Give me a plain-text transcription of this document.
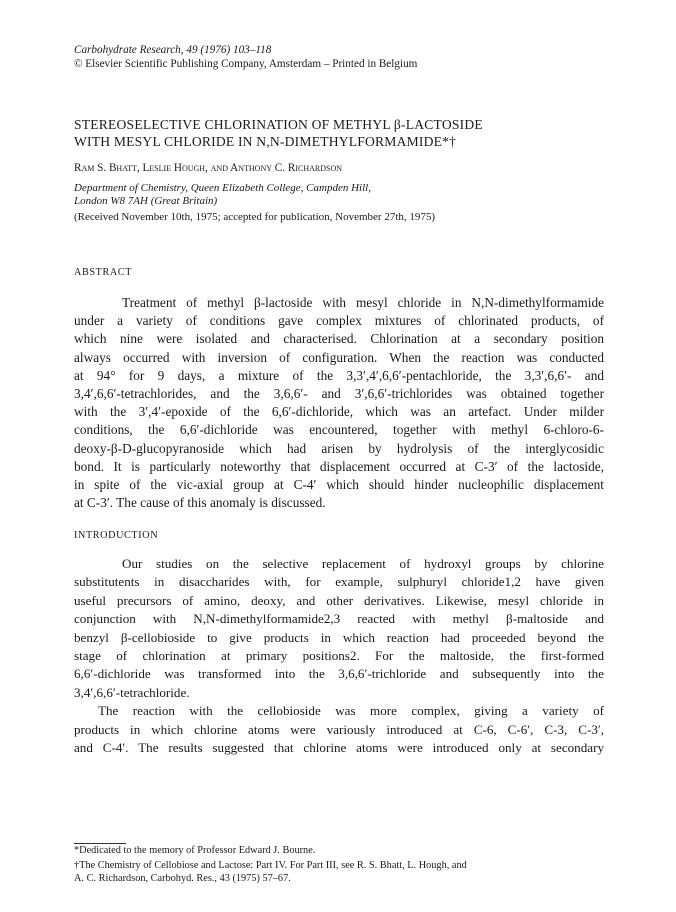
Carbohydrate Research, 49 (1976) 103–118
© Elsevier Scientific Publishing Company, Amsterdam – Printed in Belgium
STEREOSELECTIVE CHLORINATION OF METHYL β-LACTOSIDE
WITH MESYL CHLORIDE IN N,N-DIMETHYLFORMAMIDE*†
Ram S. Bhatt, Leslie Hough, and Anthony C. Richardson
Department of Chemistry, Queen Elizabeth College, Campden Hill,
London W8 7AH (Great Britain)
(Received November 10th, 1975; accepted for publication, November 27th, 1975)
ABSTRACT
Treatment of methyl β-lactoside with mesyl chloride in N,N-dimethylformamide
under a variety of conditions gave complex mixtures of chlorinated products, of
which nine were isolated and characterised. Chlorination at a secondary position
always occurred with inversion of configuration. When the reaction was conducted
at 94° for 9 days, a mixture of the 3,3′,4′,6,6′-pentachloride, the 3,3′,6,6′- and
3,4′,6,6′-tetrachlorides, and the 3,6,6′- and 3′,6,6′-trichlorides was obtained together
with the 3′,4′-epoxide of the 6,6′-dichloride, which was an artefact. Under milder
conditions, the 6,6′-dichloride was encountered, together with methyl 6-chloro-6-
deoxy-β-D-glucopyranoside which had arisen by hydrolysis of the interglycosidic
bond. It is particularly noteworthy that displacement occurred at C-3′ of the lactoside,
in spite of the vic-axial group at C-4′ which should hinder nucleophilic displacement
at C-3′. The cause of this anomaly is discussed.
INTRODUCTION
Our studies on the selective replacement of hydroxyl groups by chlorine
substitutents in disaccharides with, for example, sulphuryl chloride1,2 have given
useful precursors of amino, deoxy, and other derivatives. Likewise, mesyl chloride in
conjunction with N,N-dimethylformamide2,3 reacted with methyl β-maltoside and
benzyl β-cellobioside to give products in which reaction had proceeded beyond the
stage of chlorination at primary positions2. For the maltoside, the first-formed
6,6′-dichloride was transformed into the 3,6,6′-trichloride and subsequently into the
3,4′,6,6′-tetrachloride.
The reaction with the cellobioside was more complex, giving a variety of
products in which chlorine atoms were variously introduced at C-6, C-6′, C-3, C-3′,
and C-4′. The results suggested that chlorine atoms were introduced only at secondary
*Dedicated to the memory of Professor Edward J. Bourne.
†The Chemistry of Cellobiose and Lactose: Part IV. For Part III, see R. S. Bhatt, L. Hough, and
A. C. Richardson, Carbohyd. Res., 43 (1975) 57–67.
